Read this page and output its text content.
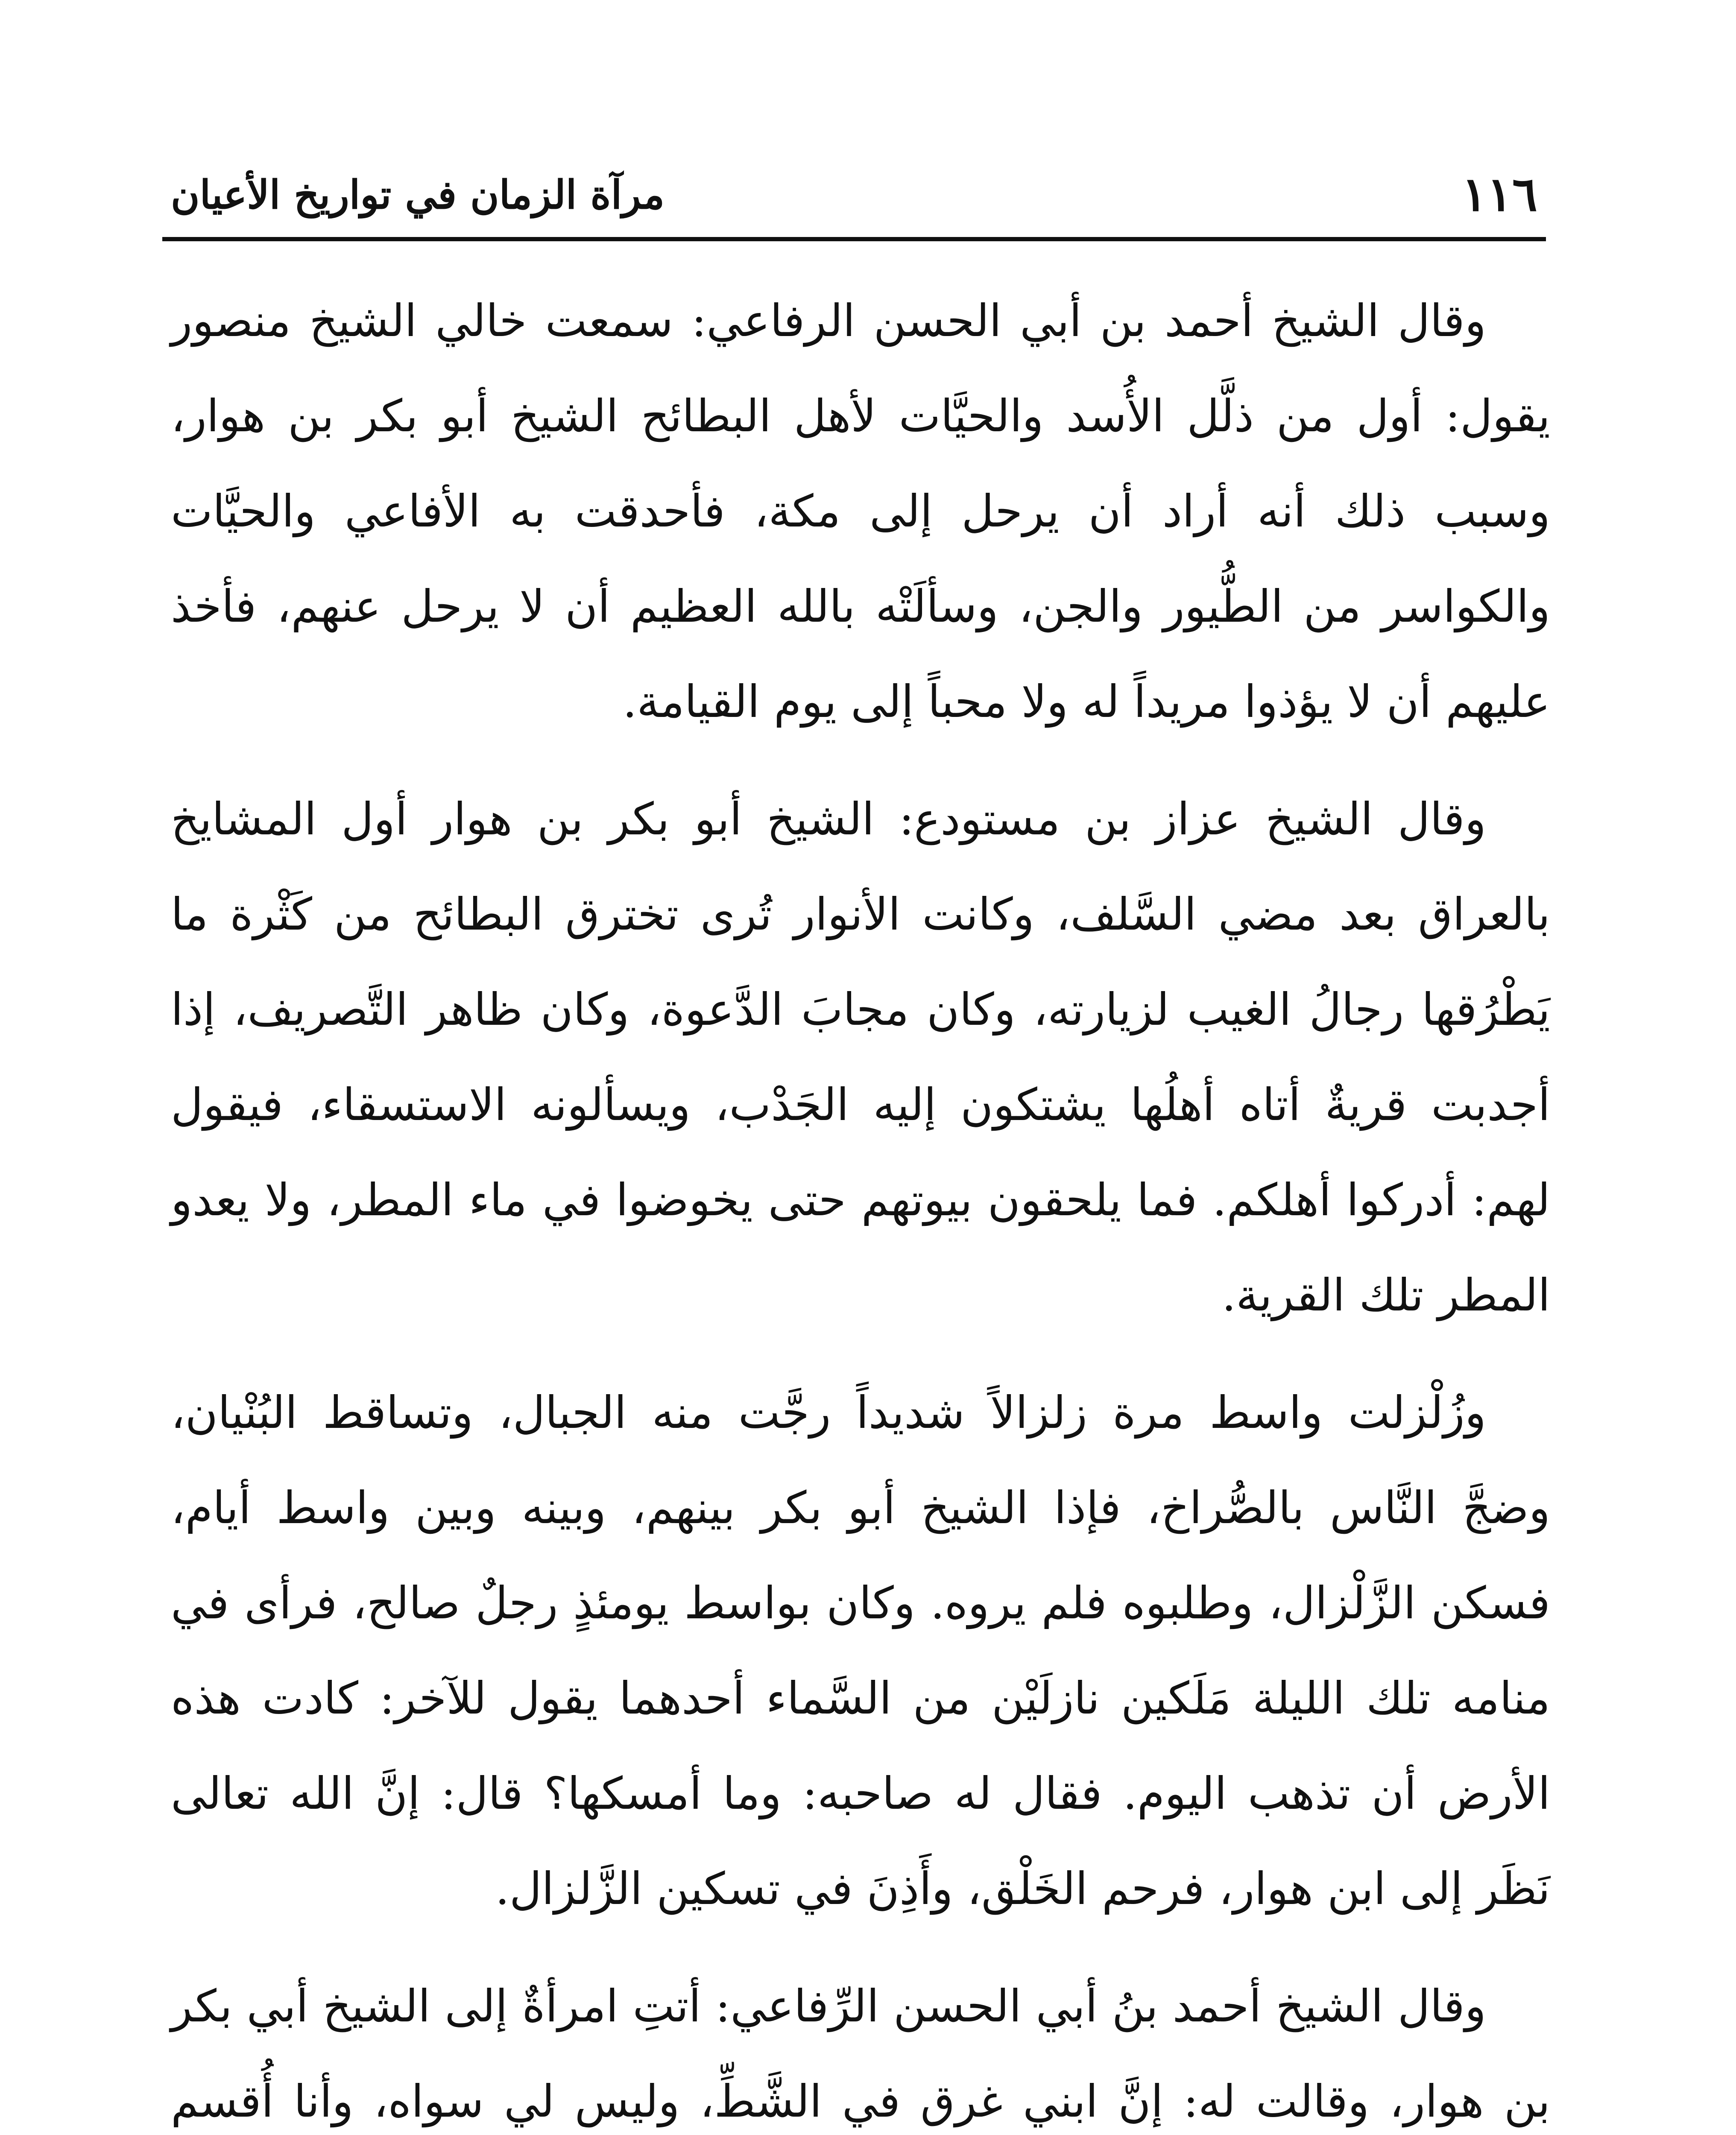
١١٦
مرآة الزمان في تواريخ الأعيان

وقال الشيخ أحمد بن أبي الحسن الرفاعي: سمعت خالي الشيخ منصور يقول: أول من ذلَّل الأُسد والحيَّات لأهل البطائح الشيخ أبو بكر بن هوار، وسبب ذلك أنه أراد أن يرحل إلى مكة، فأحدقت به الأفاعي والحيَّات والكواسر من الطُّيور والجن، وسألَتْه بالله العظيم أن لا يرحل عنهم، فأخذ عليهم أن لا يؤذوا مريداً له ولا محباً إلى يوم القيامة.

وقال الشيخ عزاز بن مستودع: الشيخ أبو بكر بن هوار أول المشايخ بالعراق بعد مضي السَّلف، وكانت الأنوار تُرى تخترق البطائح من كَثْرة ما يَطْرُقها رجالُ الغيب لزيارته، وكان مجابَ الدَّعوة، وكان ظاهر التَّصريف، إذا أجدبت قريةٌ أتاه أهلُها يشتكون إليه الجَدْب، ويسألونه الاستسقاء، فيقول لهم: أدركوا أهلكم. فما يلحقون بيوتهم حتى يخوضوا في ماء المطر، ولا يعدو المطر تلك القرية.

وزُلْزلت واسط مرة زلزالاً شديداً رجَّت منه الجبال، وتساقط البُنْيان، وضجَّ النَّاس بالصُّراخ، فإذا الشيخ أبو بكر بينهم، وبينه وبين واسط أيام، فسكن الزَّلْزال، وطلبوه فلم يروه. وكان بواسط يومئذٍ رجلٌ صالح، فرأى في منامه تلك الليلة مَلَكين نازلَيْن من السَّماء أحدهما يقول للآخر: كادت هذه الأرض أن تذهب اليوم. فقال له صاحبه: وما أمسكها؟ قال: إنَّ الله تعالى نَظَر إلى ابن هوار، فرحم الخَلْق، وأَذِنَ في تسكين الزَّلزال.

وقال الشيخ أحمد بنُ أبي الحسن الرِّفاعي: أتتِ امرأةٌ إلى الشيخ أبي بكر بن هوار، وقالت له: إنَّ ابني غرق في الشَّطِّ، وليس لي سواه، وأنا أُقسم
